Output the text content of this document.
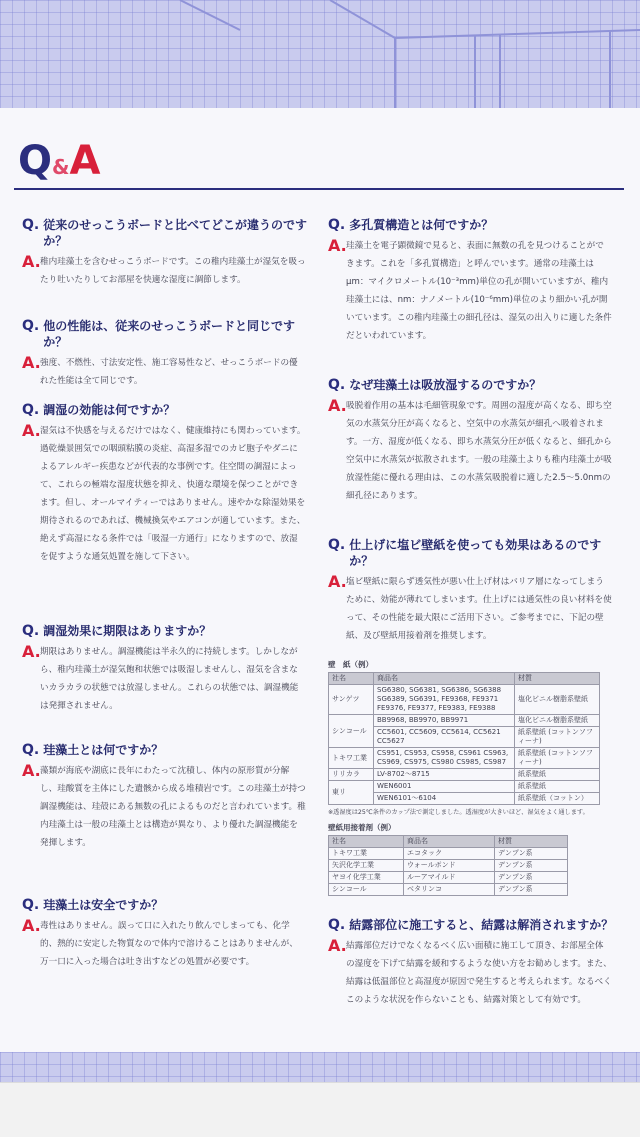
Q&A
Q. 従来のせっこうボードと比べてどこが違うのですか？
A. 稚内珪藻土を含むせっこうボードです。この稚内珪藻土が湿気を吸ったり吐いたりしてお部屋を快適な湿度に調節します。
Q. 他の性能は、従来のせっこうボードと同じですか？
A. 強度、不燃性、寸法安定性、施工容易性など、せっこうボードの優れた性能は全て同じです。
Q. 調湿の効能は何ですか？
A. 湿気は不快感を与えるだけではなく、健康維持にも関わっています。過乾燥景囲気での咽頭粘膜の炎症、高湿多湿でのカビ胞子やダニによるアレルギー疾患などが代表的な事例です。住空間の調湿によって、これらの極端な湿度状態を抑え、快適な環境を保つことができます。但し、オールマイティーではありません。速やかな除湿効果を期待されるのであれば、機械換気やエアコンが適しています。また、絶えず高湿になる条件では「吸湿一方通行」になりますので、放湿を促すような通気処置を施して下さい。
Q. 調湿効果に期限はありますか？
A. 期限はありません。調湿機能は半永久的に持続します。しかしながら、稚内珪藻土が湿気飽和状態では吸湿しませんし、湿気を含まないカラカラの状態では放湿しません。これらの状態では、調湿機能は発揮されません。
Q. 珪藻土とは何ですか？
A. 藻類が海底や湖底に長年にわたって沈積し、体内の原形質が分解し、珪酸質を主体にした遺骸から成る堆積岩です。この珪藻土が持つ調湿機能は、珪殻にある無数の孔によるものだと言われています。稚内珪藻土は一般の珪藻土とは構造が異なり、より優れた調湿機能を発揮します。
Q. 珪藻土は安全ですか？
A. 毒性はありません。誤って口に入れたり飲んでしまっても、化学的、熱的に安定した物質なので体内で溶けることはありませんが、万一口に入った場合は吐き出すなどの処置が必要です。
Q. 多孔質構造とは何ですか？
A. 珪藻土を電子顕微鏡で見ると、表面に無数の孔を見つけることができます。これを「多孔質構造」と呼んでいます。通常の珪藻土はμm：マイクロメートル(10⁻³mm)単位の孔が開いていますが、稚内珪藻土には、nm：ナノメートル(10⁻⁶mm)単位のより細かい孔が開いています。この稚内珪藻土の細孔径は、湿気の出入りに適した条件だといわれています。
Q. なぜ珪藻土は吸放湿するのですか？
A. 吸脱着作用の基本は毛細管現象です。周囲の湿度が高くなる、即ち空気の水蒸気分圧が高くなると、空気中の水蒸気が細孔へ吸着されます。一方、湿度が低くなる、即ち水蒸気分圧が低くなると、細孔から空気中に水蒸気が拡散されます。一般の珪藻土よりも稚内珪藻土が吸放湿性能に優れる理由は、この水蒸気吸脱着に適した2.5～5.0nmの細孔径にあります。
Q. 仕上げに塩ビ壁紙を使っても効果はあるのですか？
A. 塩ビ壁紙に限らず透気性が悪い仕上げ材はバリア層になってしまうために、効能が薄れてしまいます。仕上げには通気性の良い材料を使って、その性能を最大限にご活用下さい。ご参考までに、下記の壁紙、及び壁紙用接着剤を推奨します。
壁　紙（例）
社名	商品名	材質
サンゲツ	SG6380, SG6381, SG6386, SG6388 SG6389, SG6391, FE9368, FE9371 FE9376, FE9377, FE9383, FE9388	塩化ビニル樹脂系壁紙
シンコール	BB9968, BB9970, BB9971	塩化ビニル樹脂系壁紙
	CC5601, CC5609, CC5614, CC5621 CC5627	紙系壁紙 (コットンソフィーナ)
トキワ工業	CS951, CS953, CS958, CS961 CS963, CS969, CS975, CS980 CS985, CS987	紙系壁紙 (コットンソフィーナ)
リリカラ	LV-8702～8715	紙系壁紙
東リ	WEN6001	紙系壁紙
	WEN6101～6104	紙系壁紙（コットン）
※透湿度は25℃条件のカップ法で測定しました。透湿度が大きいほど、湿気をよく通します。
壁紙用接着剤（例）
社名	商品名	材質
トキワ工業	エコタック	デンプン系
矢沢化学工業	ウォールボンド	デンプン系
ヤヨイ化学工業	ルーアマイルド	デンプン系
シンコール	ベタリンコ	デンプン系
Q. 結露部位に施工すると、結露は解消されますか？
A. 結露部位だけでなくなるべく広い面積に施工して頂き、お部屋全体の湿度を下げて結露を緩和するような使い方をお勧めします。また、結露は低温部位と高湿度が原因で発生すると考えられます。なるべくこのような状況を作らないことも、結露対策として有効です。
